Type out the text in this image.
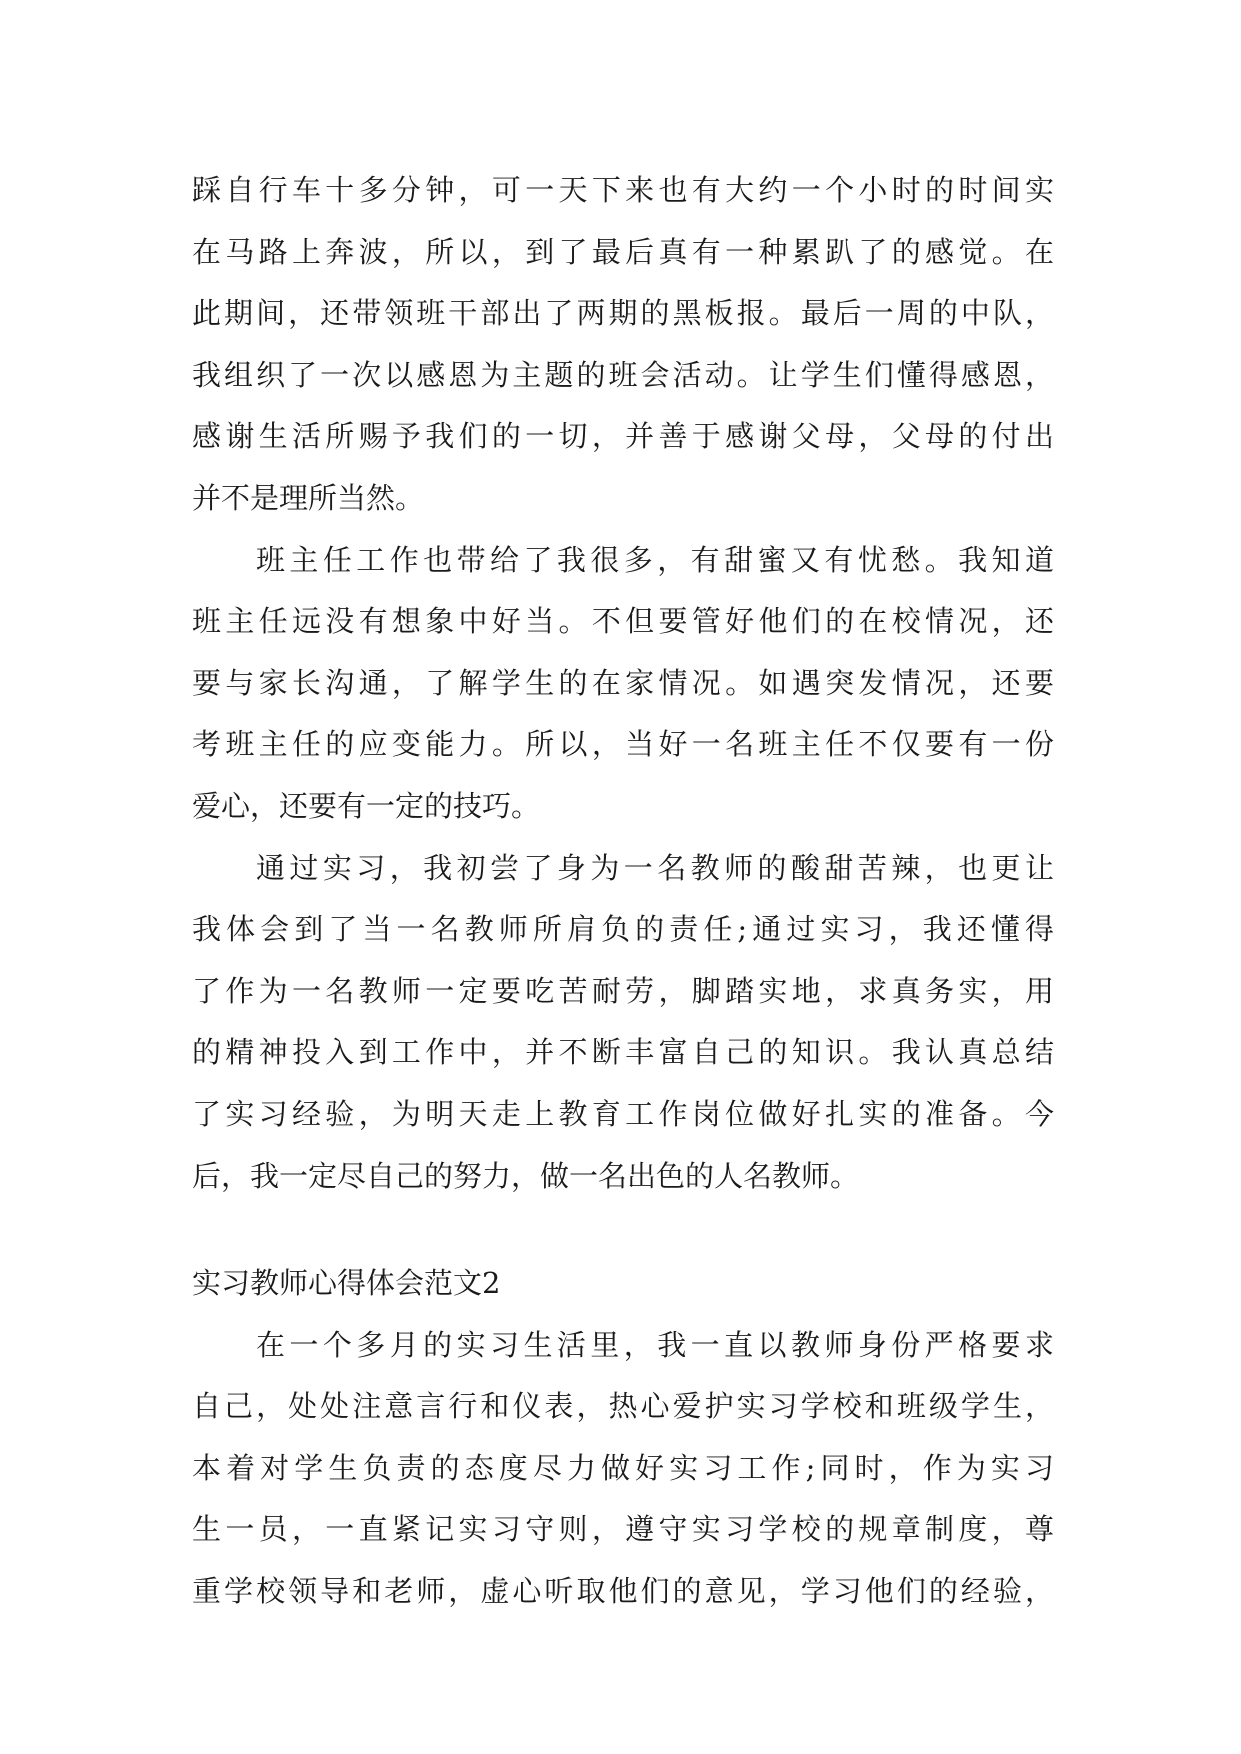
踩自行车十多分钟，可一天下来也有大约一个小时的时间实
在马路上奔波，所以，到了最后真有一种累趴了的感觉。在
此期间，还带领班干部出了两期的黑板报。最后一周的中队，
我组织了一次以感恩为主题的班会活动。让学生们懂得感恩，
感谢生活所赐予我们的一切，并善于感谢父母，父母的付出
并不是理所当然。
班主任工作也带给了我很多，有甜蜜又有忧愁。我知道
班主任远没有想象中好当。不但要管好他们的在校情况，还
要与家长沟通，了解学生的在家情况。如遇突发情况，还要
考班主任的应变能力。所以，当好一名班主任不仅要有一份
爱心，还要有一定的技巧。
通过实习，我初尝了身为一名教师的酸甜苦辣，也更让
我体会到了当一名教师所肩负的责任;通过实习，我还懂得
了作为一名教师一定要吃苦耐劳，脚踏实地，求真务实，用
的精神投入到工作中，并不断丰富自己的知识。我认真总结
了实习经验，为明天走上教育工作岗位做好扎实的准备。今
后，我一定尽自己的努力，做一名出色的人名教师。
实习教师心得体会范文2
在一个多月的实习生活里，我一直以教师身份严格要求
自己，处处注意言行和仪表，热心爱护实习学校和班级学生，
本着对学生负责的态度尽力做好实习工作;同时，作为实习
生一员，一直紧记实习守则，遵守实习学校的规章制度，尊
重学校领导和老师，虚心听取他们的意见，学习他们的经验，
